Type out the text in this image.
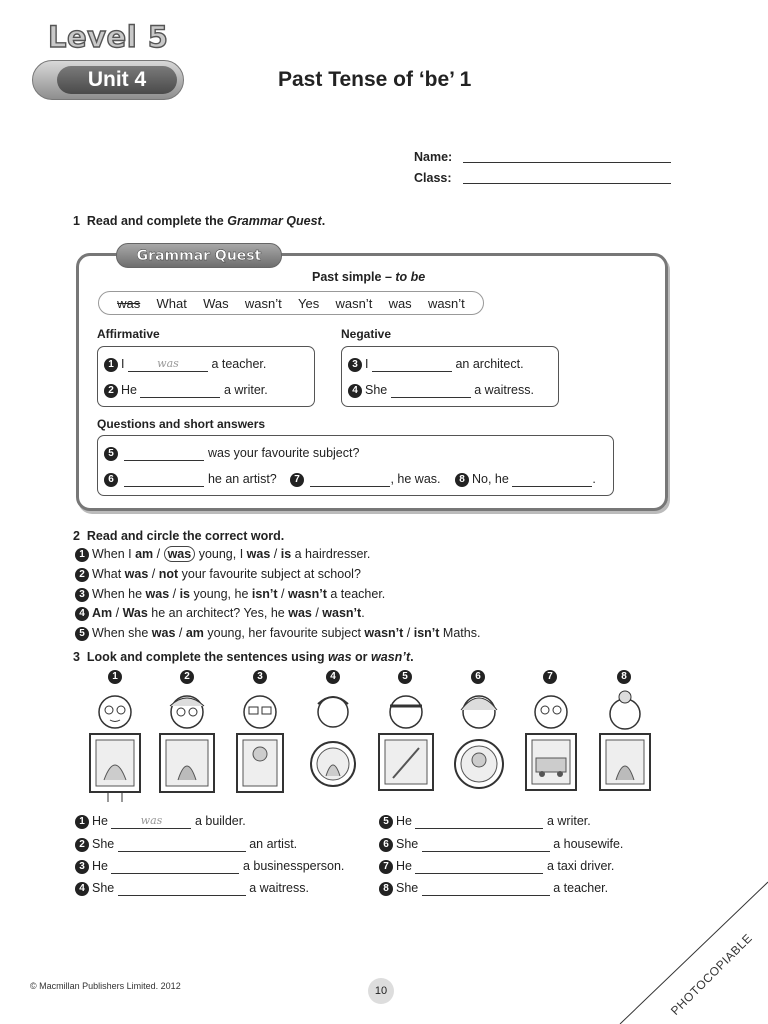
Level 5
Unit 4	Past Tense of ‘be’ 1
Name:
Class:
1 Read and complete the Grammar Quest.
Grammar Quest
Past simple – to be
was What Was wasn’t Yes wasn’t was wasn’t
Affirmative	Negative
1 I	was	a teacher.
2 He	a writer.
3 I	an architect.
4 She	a waitress.
Questions and short answers
5	was your favourite subject?
6	he an artist?	7	, he was.	8 No, he	.
2 Read and circle the correct word.
1 When I am / was young, I was / is a hairdresser.
2 What was / not your favourite subject at school?
3 When he was / is young, he isn’t / wasn’t a teacher.
4 Am / Was he an architect? Yes, he was / wasn’t.
5 When she was / am young, her favourite subject wasn’t / isn’t Maths.
3 Look and complete the sentences using was or wasn’t.
1	2	3	4	5	6	7	8
1 He	was	a builder.
2 She	an artist.
3 He	a businessperson.
4 She	a waitress.
5 He	a writer.
6 She	a housewife.
7 He	a taxi driver.
8 She	a teacher.
© Macmillan Publishers Limited. 2012	10	PHOTOCOPIABLE
